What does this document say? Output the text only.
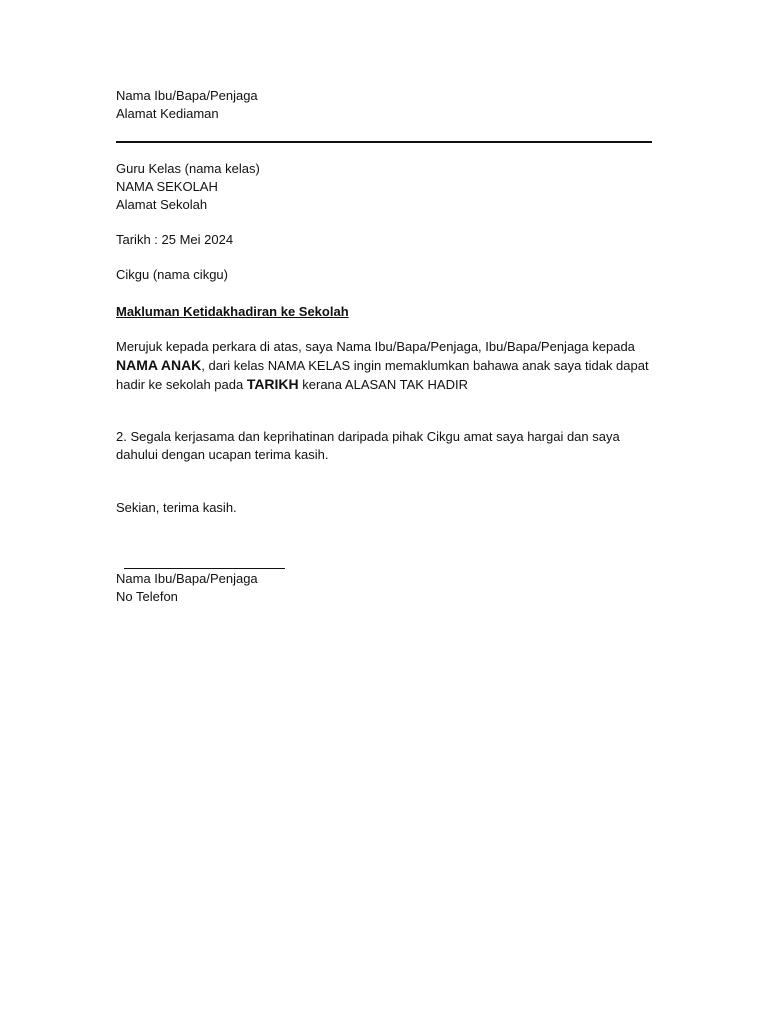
Nama Ibu/Bapa/Penjaga
Alamat Kediaman
Guru Kelas (nama kelas)
NAMA SEKOLAH
Alamat Sekolah
Tarikh : 25 Mei 2024
Cikgu (nama cikgu)
Makluman Ketidakhadiran ke Sekolah
Merujuk kepada perkara di atas, saya Nama Ibu/Bapa/Penjaga, Ibu/Bapa/Penjaga kepada NAMA ANAK, dari kelas NAMA KELAS ingin memaklumkan bahawa anak saya tidak dapat hadir ke sekolah pada TARIKH kerana ALASAN TAK HADIR
2. Segala kerjasama dan keprihatinan daripada pihak Cikgu amat saya hargai dan saya dahului dengan ucapan terima kasih.
Sekian, terima kasih.
Nama Ibu/Bapa/Penjaga
No Telefon
